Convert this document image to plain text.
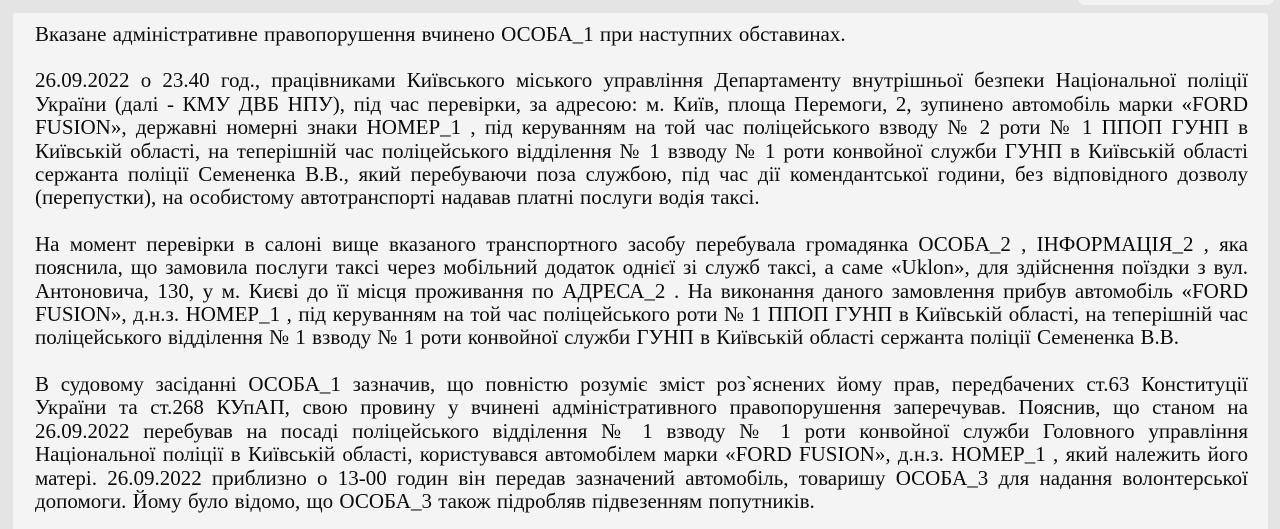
Вказане адміністративне правопорушення вчинено ОСОБА_1 при наступних обставинах.

26.09.2022 о 23.40 год., працівниками Київського міського управління Департаменту внутрішньої безпеки Національної поліції України (далі - КМУ ДВБ НПУ), під час перевірки, за адресою: м. Київ, площа Перемоги, 2, зупинено автомобіль марки «FORD FUSION», державні номерні знаки НОМЕР_1 , під керуванням на той час поліцейського взводу № 2 роти № 1 ППОП ГУНП в Київській області, на теперішній час поліцейського відділення № 1 взводу № 1 роти конвойної служби ГУНП в Київській області сержанта поліції Семененка В.В., який перебуваючи поза службою, під час дії комендантської години, без відповідного дозволу (перепустки), на особистому автотранспорті надавав платні послуги водія таксі.

На момент перевірки в салоні вище вказаного транспортного засобу перебувала громадянка ОСОБА_2 , ІНФОРМАЦІЯ_2 , яка пояснила, що замовила послуги таксі через мобільний додаток однієї зі служб таксі, а саме «Uklon», для здійснення поїздки з вул. Антоновича, 130, у м. Києві до її місця проживання по АДРЕСА_2 . На виконання даного замовлення прибув автомобіль «FORD FUSION», д.н.з. НОМЕР_1 , під керуванням на той час поліцейського роти № 1 ППОП ГУНП в Київській області, на теперішній час поліцейського відділення № 1 взводу № 1 роти конвойної служби ГУНП в Київській області сержанта поліції Семененка В.В.

В судовому засіданні ОСОБА_1 зазначив, що повністю розуміє зміст роз`яснених йому прав, передбачених ст.63 Конституції України та ст.268 КУпАП, свою провину у вчинені адміністративного правопорушення заперечував. Пояснив, що станом на 26.09.2022 перебував на посаді поліцейського відділення № 1 взводу № 1 роти конвойної служби Головного управління Національної поліції в Київській області, користувався автомобілем марки «FORD FUSION», д.н.з. НОМЕР_1 , який належить його матері. 26.09.2022 приблизно о 13-00 годин він передав зазначений автомобіль, товаришу ОСОБА_3 для надання волонтерської допомоги. Йому було відомо, що ОСОБА_3 також підробляв підвезенням попутників.
